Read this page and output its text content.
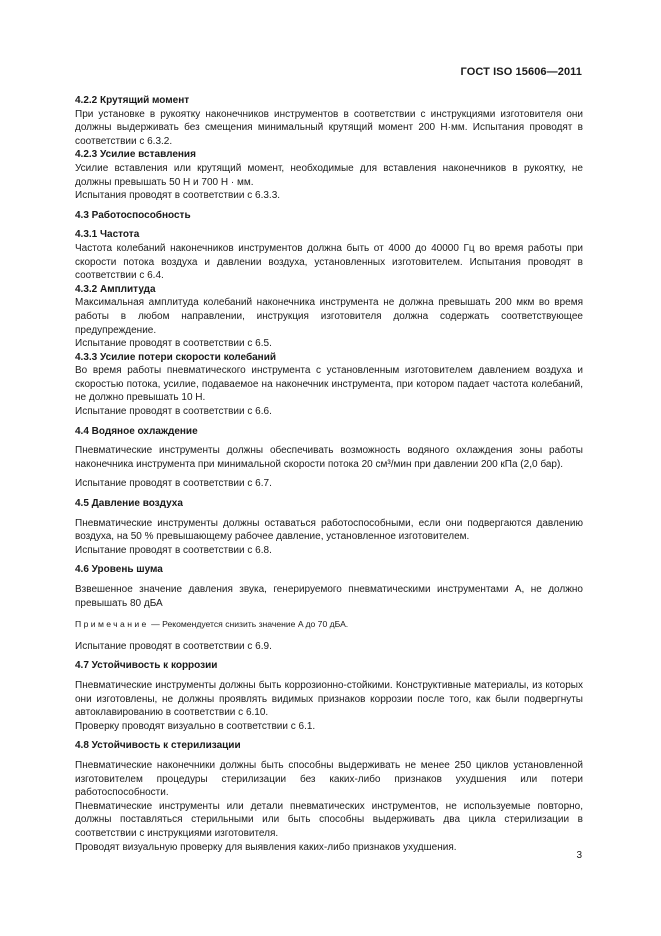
ГОСТ ISO 15606—2011

4.2.2 Крутящий момент

При установке в рукоятку наконечников инструментов в соответствии с инструкциями изготовителя они должны выдерживать без смещения минимальный крутящий момент 200 Н·мм. Испытания проводят в соответствии с 6.3.2.

4.2.3 Усилие вставления

Усилие вставления или крутящий момент, необходимые для вставления наконечников в рукоятку, не должны превышать 50 Н и 700 Н · мм.

Испытания проводят в соответствии с 6.3.3.

4.3 Работоспособность

4.3.1 Частота

Частота колебаний наконечников инструментов должна быть от 4000 до 40000 Гц во время работы при скорости потока воздуха и давлении воздуха, установленных изготовителем. Испытания проводят в соответствии с 6.4.

4.3.2 Амплитуда

Максимальная амплитуда колебаний наконечника инструмента не должна превышать 200 мкм во время работы в любом направлении, инструкция изготовителя должна содержать соответствующее предупреждение.

Испытание проводят в соответствии с 6.5.

4.3.3 Усилие потери скорости колебаний

Во время работы пневматического инструмента с установленным изготовителем давлением воздуха и скоростью потока, усилие, подаваемое на наконечник инструмента, при котором падает частота колебаний, не должно превышать 10 Н.

Испытание проводят в соответствии с 6.6.

4.4 Водяное охлаждение

Пневматические инструменты должны обеспечивать возможность водяного охлаждения зоны работы наконечника инструмента при минимальной скорости потока 20 см³/мин при давлении 200 кПа (2,0 бар).

Испытание проводят в соответствии с 6.7.

4.5 Давление воздуха

Пневматические инструменты должны оставаться работоспособными, если они подвергаются давлению воздуха, на 50 % превышающему рабочее давление, установленное изготовителем.

Испытание проводят в соответствии с 6.8.

4.6 Уровень шума

Взвешенное значение давления звука, генерируемого пневматическими инструментами A, не должно превышать 80 дБА

Примечание — Рекомендуется снизить значение A до 70 дБА.

Испытание проводят в соответствии с 6.9.

4.7 Устойчивость к коррозии

Пневматические инструменты должны быть коррозионно-стойкими. Конструктивные материалы, из которых они изготовлены, не должны проявлять видимых признаков коррозии после того, как были подвергнуты автоклавированию в соответствии с 6.10.

Проверку проводят визуально в соответствии с 6.1.

4.8 Устойчивость к стерилизации

Пневматические наконечники должны быть способны выдерживать не менее 250 циклов установленной изготовителем процедуры стерилизации без каких-либо признаков ухудшения или потери работоспособности.

Пневматические инструменты или детали пневматических инструментов, не используемые повторно, должны поставляться стерильными или быть способны выдерживать два цикла стерилизации в соответствии с инструкциями изготовителя.

Проводят визуальную проверку для выявления каких-либо признаков ухудшения.

3
